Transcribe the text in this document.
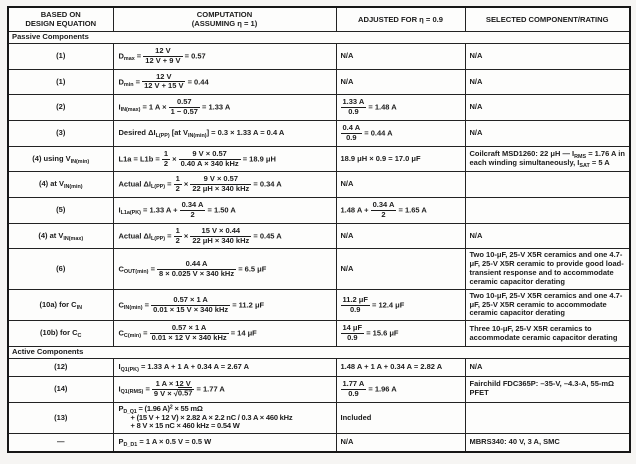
BASED ON
DESIGN EQUATION	COMPUTATION
(ASSUMING η = 1)	ADJUSTED FOR η = 0.9	SELECTED COMPONENT/RATING
Passive Components			
(1)	$D_{max} = \frac{12 V}{12 V + 9 V} = 0.57$	N/A	N/A
(1)	$D_{min} = \frac{12 V}{12 V + 15 V} = 0.44$	N/A	N/A
(2)	$I_{IN(max)} = 1$ $A \times \frac{0.57}{1 - 0.57} = 1.33$ A	$\frac{1.33 A}{0.9} = 1.48$ A	N/A
(3)	Desired $\Delta I_{L(PP)}$ [at $V_{IN(min)}] = 0.3 \times 1.33$ A = 0.4 A	$\frac{0.4 A}{0.9} = 0.44$ A	N/A
(4) using $V_{IN(min)}$	$L1a = L1b = \frac{1}{2} \times \frac{9 V \times 0.57}{\text{0.40 A × 340 kHz}} = 18.9$ μH	18.9 μH × 0.9 = 17.0 μF	Coilcraft MSD1260: 22 μH — $I_{RMS} = 1.76$ A in each winding simultaneously, $I_{SAT} = 5$ A
(4) at $V_{IN(min)}$	Actual $\Delta I_{L(PP)} = \frac{1}{2} \times \frac{9 V \times 0.57}{\text{22 μH × 340 kHz}} = 0.34$ A	N/A	
(5)	$I_{L1a(PK)} = 1.33$ $A + \frac{0.34 A}{2} = 1.50$ A	1.48 $A + \frac{0.34 A}{2} = 1.65$ A	
(4) at $V_{IN(max)}$	Actual $\Delta I_{L(PP)} = \frac{1}{2} \times \frac{15 V \times 0.44}{\text{22 μH × 340 kHz}} = 0.45$ A	N/A	N/A
(6)	$C_{OUT(min)} = \frac{0.44 A}{\text{8 × 0.025 V × 340 kHz}} = 6.5$ μF	N/A	Two 10-μF, 25-V X5R ceramics and one 4.7-μF, 25-V X5R ceramic to provide good load-transient response and to accommodate ceramic capacitor derating
(10a) for $C_{IN}$	$C_{IN(min)} = \frac{0.57 \times 1 A}{\text{0.01 × 15 V × 340 kHz}} = 11.2$ μF	$\frac{11.2 \mu F}{0.9} = 12.4$ μF	Two 10-μF, 25-V X5R ceramics and one 4.7-μF, 25-V X5R ceramic to accommodate ceramic capacitor derating
(10b) for $C_C$	$C_{C(min)} = \frac{0.57 \times 1 A}{\text{0.01 × 12 V × 340 kHz}} = 14$ μF	$\frac{14 \mu F}{0.9} = 15.6$ μF	Three 10-μF, 25-V X5R ceramics to accommodate ceramic capacitor derating
Active Components			
(12)	$I_{Q1(PK)} = 1.33$ A + 1 A + 0.34 A = 2.67 A	1.48 A + 1 A + 0.34 A = 2.82 A	N/A
(14)	$I_{Q1(RMS)} = \frac{1 A \times 12 V}{9 V \times √0.57} = 1.77$ A	$\frac{1.77 A}{0.9} = 1.96$ A	Fairchild FDC365P: –35-V, –4.3-A, 55-mΩ PFET
(13)	$P_{D\_Q1} = (1.96$ A)$^2$ × 55 mΩ
+ (15 V + 12 V) × 2.82 A × 2.2 nC / 0.3 A × 460 kHz
+ 8 V × 15 nC × 460 kHz = 0.54 W	Included	
—	$P_{D\_D1} = 1$ A × 0.5 V = 0.5 W	N/A	MBRS340: 40 V, 3 A, SMC
